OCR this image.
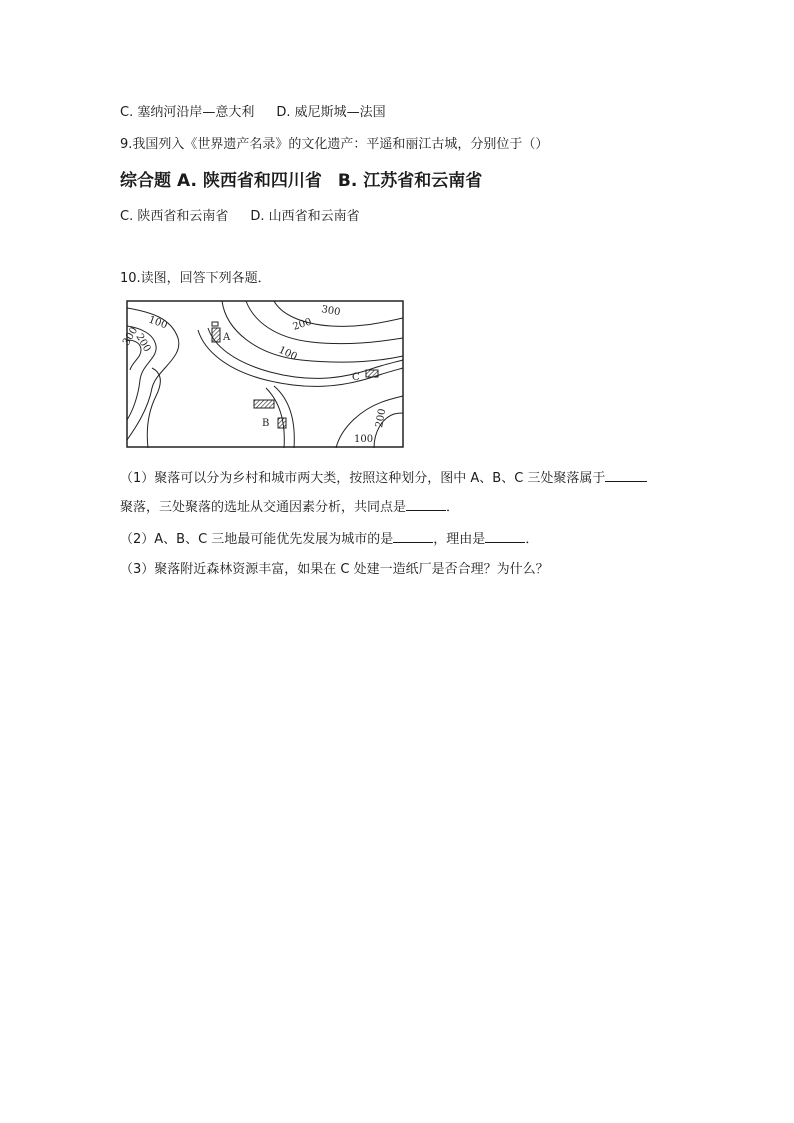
C. 塞纳河沿岸—意大利 D. 威尼斯城—法国
9.我国列入《世界遗产名录》的文化遗产：平遥和丽江古城，分别位于（）
综合题 A. 陕西省和四川省 B. 江苏省和云南省
C. 陕西省和云南省 D. 山西省和云南省
10.读图，回答下列各题．
100
300
200
300
200
100
200
100
A
B
C
（1）聚落可以分为乡村和城市两大类，按照这种划分，图中 A、B、C 三处聚落属于
聚落，三处聚落的选址从交通因素分析，共同点是	．
（2）A、B、C 三地最可能优先发展为城市的是	，理由是	．
（3）聚落附近森林资源丰富，如果在 C 处建一造纸厂是否合理？为什么？
